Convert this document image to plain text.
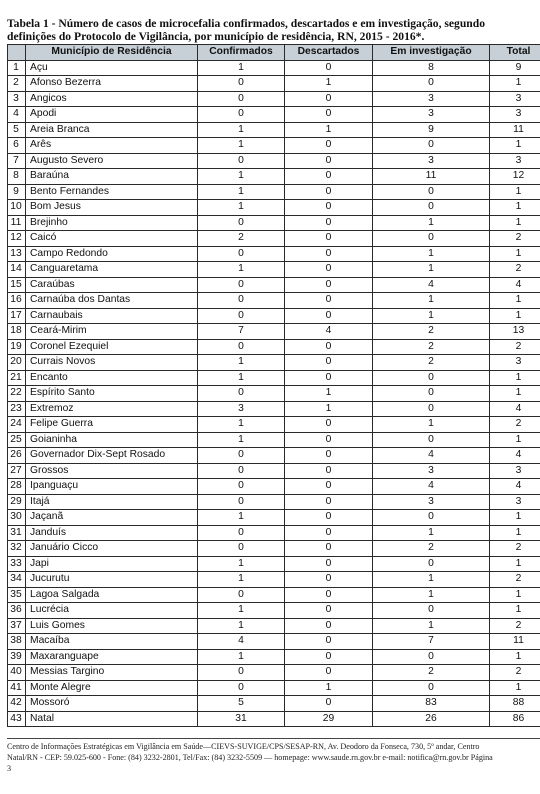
Tabela 1 - Número de casos de microcefalia confirmados, descartados e em investigação, segundo
definições do Protocolo de Vigilância, por município de residência, RN, 2015 - 2016*.
	Município de Residência	Confirmados	Descartados	Em investigação	Total
1	Açu	1	0	8	9
2	Afonso Bezerra	0	1	0	1
3	Angicos	0	0	3	3
4	Apodi	0	0	3	3
5	Areia Branca	1	1	9	11
6	Arês	1	0	0	1
7	Augusto Severo	0	0	3	3
8	Baraúna	1	0	11	12
9	Bento Fernandes	1	0	0	1
10	Bom Jesus	1	0	0	1
11	Brejinho	0	0	1	1
12	Caicó	2	0	0	2
13	Campo Redondo	0	0	1	1
14	Canguaretama	1	0	1	2
15	Caraúbas	0	0	4	4
16	Carnaúba dos Dantas	0	0	1	1
17	Carnaubais	0	0	1	1
18	Ceará-Mirim	7	4	2	13
19	Coronel Ezequiel	0	0	2	2
20	Currais Novos	1	0	2	3
21	Encanto	1	0	0	1
22	Espírito Santo	0	1	0	1
23	Extremoz	3	1	0	4
24	Felipe Guerra	1	0	1	2
25	Goianinha	1	0	0	1
26	Governador Dix-Sept Rosado	0	0	4	4
27	Grossos	0	0	3	3
28	Ipanguaçu	0	0	4	4
29	Itajá	0	0	3	3
30	Jaçanã	1	0	0	1
31	Janduís	0	0	1	1
32	Januário Cicco	0	0	2	2
33	Japi	1	0	0	1
34	Jucurutu	1	0	1	2
35	Lagoa Salgada	0	0	1	1
36	Lucrécia	1	0	0	1
37	Luis Gomes	1	0	1	2
38	Macaíba	4	0	7	11
39	Maxaranguape	1	0	0	1
40	Messias Targino	0	0	2	2
41	Monte Alegre	0	1	0	1
42	Mossoró	5	0	83	88
43	Natal	31	29	26	86
Centro de Informações Estratégicas em Vigilância em Saúde—CIEVS-SUVIGE/CPS/SESAP-RN, Av. Deodoro da Fonseca, 730, 5º andar, Centro
Natal/RN - CEP: 59.025-600 - Fone: (84) 3232-2801, Tel/Fax: (84) 3232-5509 — homepage: www.saude.rn.gov.br e-mail: notifica@rn.gov.br Página
3
